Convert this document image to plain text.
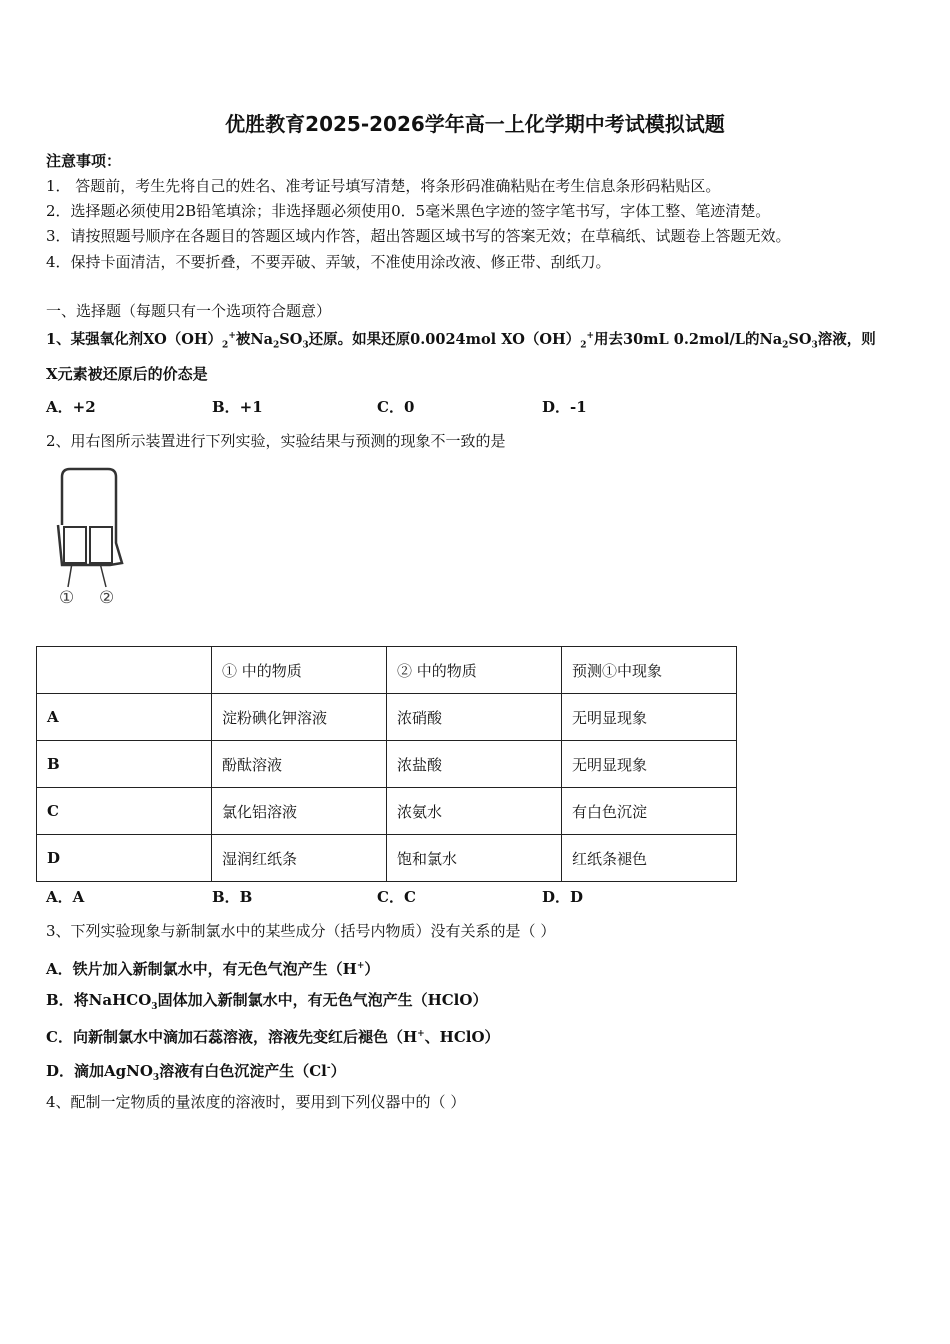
优胜教育2025-2026学年高一上化学期中考试模拟试题
注意事项：
1． 答题前，考生先将自己的姓名、准考证号填写清楚，将条形码准确粘贴在考生信息条形码粘贴区。
2．选择题必须使用2B铅笔填涂；非选择题必须使用0．5毫米黑色字迹的签字笔书写，字体工整、笔迹清楚。
3．请按照题号顺序在各题目的答题区域内作答，超出答题区域书写的答案无效；在草稿纸、试题卷上答题无效。
4．保持卡面清洁，不要折叠，不要弄破、弄皱，不准使用涂改液、修正带、刮纸刀。
一、选择题（每题只有一个选项符合题意）
1、某强氧化剂$XO(OH)_2^+$被$Na_2SO_3$还原。如果还原0.0024mol $XO(OH)_2^+$用去30mL 0.2mol/L的$Na_2SO_3$溶液，则
X元素被还原后的价态是
A．+2	B．+1	C．0	D．-1
2、用右图所示装置进行下列实验，实验结果与预测的现象不一致的是
① ②
	① 中的物质	② 中的物质	预测①中现象
A	淀粉碘化钾溶液	浓硝酸	无明显现象
B	酚酞溶液	浓盐酸	无明显现象
C	氯化铝溶液	浓氨水	有白色沉淀
D	湿润红纸条	饱和氯水	红纸条褪色
A．A	B．B	C．C	D．D
3、下列实验现象与新制氯水中的某些成分（括号内物质）没有关系的是（ ）
A．铁片加入新制氯水中，有无色气泡产生（H+）
B．将NaHCO$_3$固体加入新制氯水中，有无色气泡产生（HClO）
C．向新制氯水中滴加石蕊溶液，溶液先变红后褪色（H+、HClO）
D．滴加AgNO$_3$溶液有白色沉淀产生（Cl-）
4、配制一定物质的量浓度的溶液时，要用到下列仪器中的（ ）
